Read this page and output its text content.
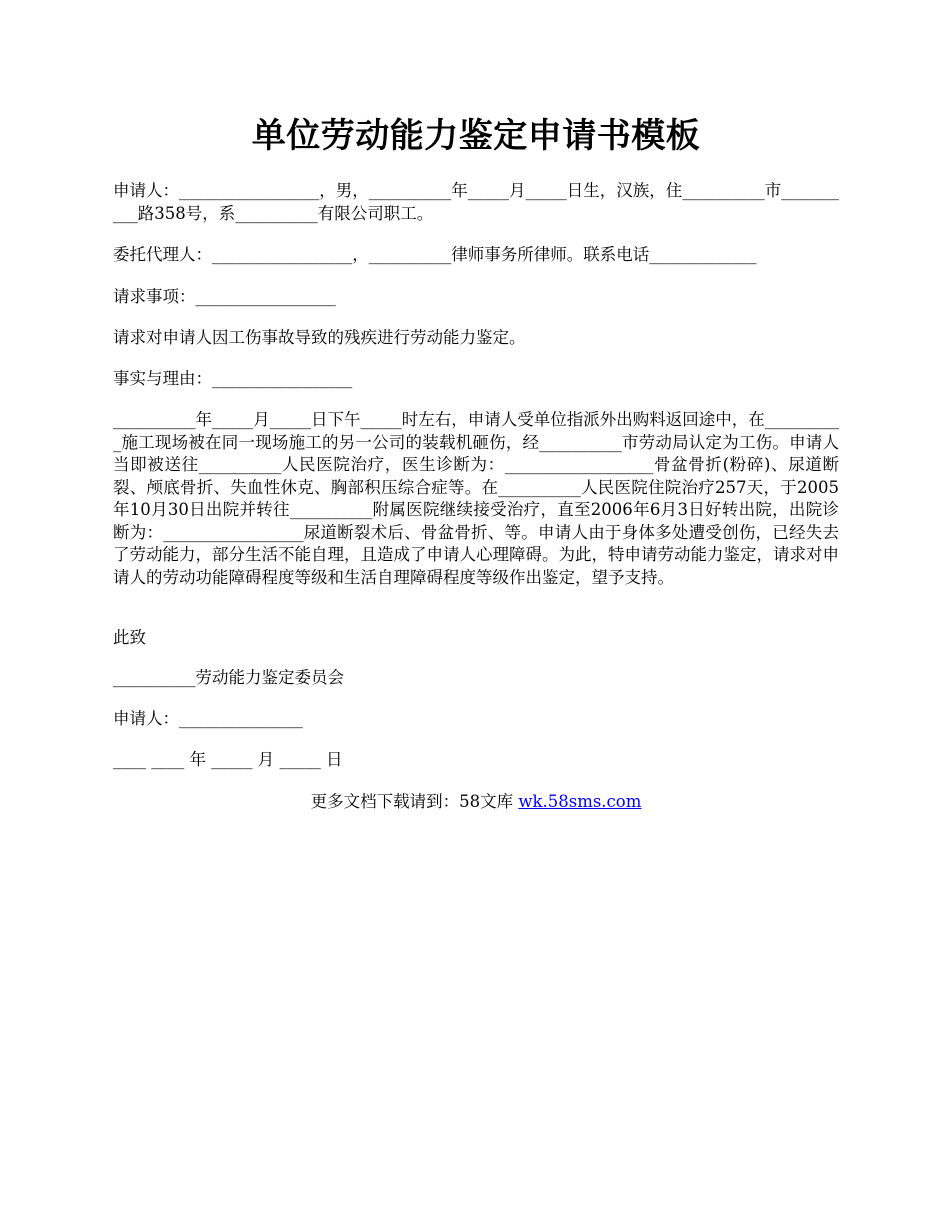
单位劳动能力鉴定申请书模板
申请人：_________________，男，__________年_____月_____日生，汉族，住__________市__________路358号，系__________有限公司职工。
委托代理人：_________________，__________律师事务所律师。联系电话_____________
请求事项：_________________
请求对申请人因工伤事故导致的残疾进行劳动能力鉴定。
事实与理由：_________________
__________年_____月_____日下午_____时左右，申请人受单位指派外出购料返回途中，在__________施工现场被在同一现场施工的另一公司的装载机砸伤，经__________市劳动局认定为工伤。申请人当即被送往__________人民医院治疗，医生诊断为：__________________骨盆骨折(粉碎)、尿道断裂、颅底骨折、失血性休克、胸部积压综合症等。在__________人民医院住院治疗257天，于2005年10月30日出院并转往__________附属医院继续接受治疗，直至2006年6月3日好转出院，出院诊断为：_________________尿道断裂术后、骨盆骨折、等。申请人由于身体多处遭受创伤，已经失去了劳动能力，部分生活不能自理，且造成了申请人心理障碍。为此，特申请劳动能力鉴定，请求对申请人的劳动功能障碍程度等级和生活自理障碍程度等级作出鉴定，望予支持。
此致
__________劳动能力鉴定委员会
申请人：_______________
____ ____ 年 _____ 月 _____ 日
更多文档下载请到：58文库 wk.58sms.com
